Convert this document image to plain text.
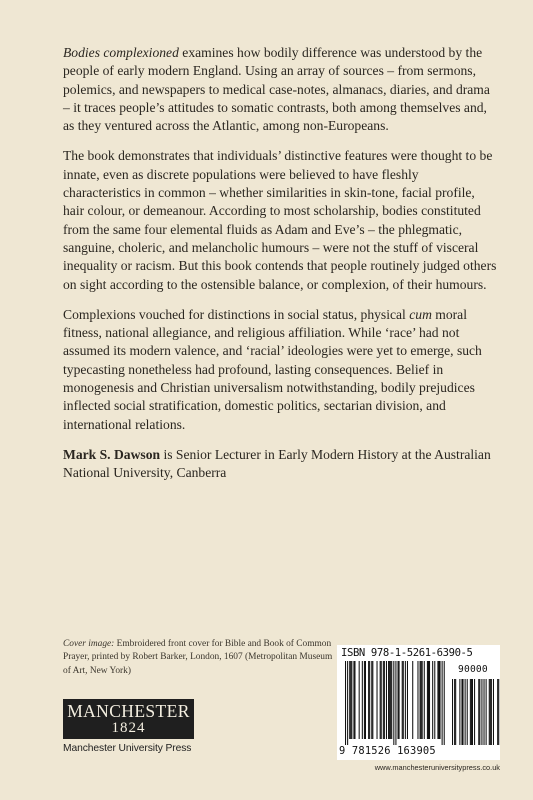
Bodies complexioned examines how bodily difference was understood by the people of early modern England. Using an array of sources – from sermons, polemics, and newspapers to medical case-notes, almanacs, diaries, and drama – it traces people’s attitudes to somatic contrasts, both among themselves and, as they ventured across the Atlantic, among non-Europeans.

The book demonstrates that individuals’ distinctive features were thought to be innate, even as discrete populations were believed to have fleshly characteristics in common – whether similarities in skin-tone, facial profile, hair colour, or demeanour. According to most scholarship, bodies constituted from the same four elemental fluids as Adam and Eve’s – the phlegmatic, sanguine, choleric, and melancholic humours – were not the stuff of visceral inequality or racism. But this book contends that people routinely judged others on sight according to the ostensible balance, or complexion, of their humours.

Complexions vouched for distinctions in social status, physical cum moral fitness, national allegiance, and religious affiliation. While ‘race’ had not assumed its modern valence, and ‘racial’ ideologies were yet to emerge, such typecasting nonetheless had profound, lasting consequences. Belief in monogenesis and Christian universalism notwithstanding, bodily prejudices inflected social stratification, domestic politics, sectarian division, and international relations.

Mark S. Dawson is Senior Lecturer in Early Modern History at the Australian National University, Canberra

Cover image: Embroidered front cover for Bible and Book of Common Prayer, printed by Robert Barker, London, 1607 (Metropolitan Museum of Art, New York)
MANCHESTER
1824
Manchester University Press
ISBN 978-1-5261-6390-5
90000
9 781526 163905
www.manchesteruniversitypress.co.uk
